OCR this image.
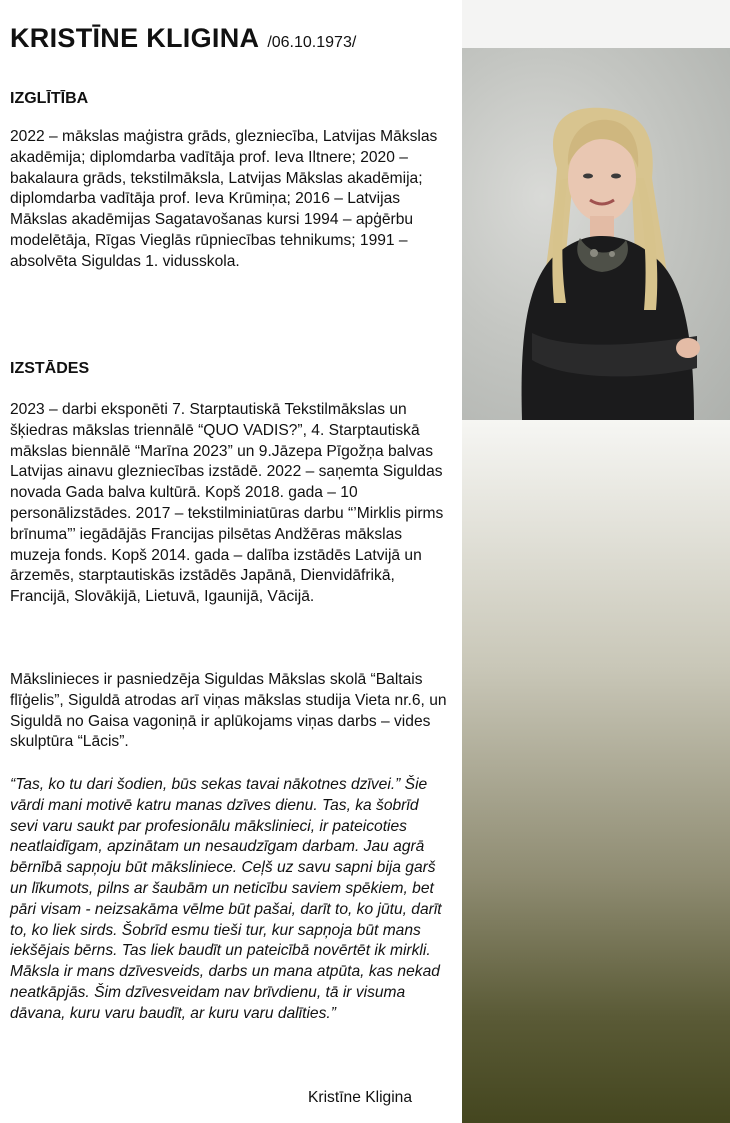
KRISTĪNE KLIGINA /06.10.1973/
IZGLĪTĪBA

2022 – mākslas maģistra grāds, glezniecība, Latvijas Mākslas akadēmija; diplomdarba vadītāja prof. Ieva Iltnere; 2020 – bakalaura grāds, tekstilmāksla, Latvijas Mākslas akadēmija; diplomdarba vadītāja prof. Ieva Krūmiņa; 2016 – Latvijas Mākslas akadēmijas Sagatavošanas kursi 1994 – apģērbu modelētāja, Rīgas Vieglās rūpniecības tehnikums; 1991 – absolvēta Siguldas 1. vidusskola.

IZSTĀDES

2023 – darbi eksponēti 7. Starptautiskā Tekstilmākslas un šķiedras mākslas triennālē “QUO VADIS?”, 4. Starptautiskā mākslas biennālē “Marīna 2023” un 9.Jāzepa Pīgožņa balvas Latvijas ainavu glezniecības izstādē. 2022 – saņemta Siguldas novada Gada balva kultūrā. Kopš 2018. gada – 10 personālizstādes. 2017 – tekstilminiatūras darbu “’Mirklis pirms brīnuma”’ iegādājās Francijas pilsētas Andžēras mākslas muzeja fonds. Kopš 2014. gada – dalība izstādēs Latvijā un ārzemēs, starptautiskās izstādēs Japānā, Dienvidāfrikā, Francijā, Slovākijā, Lietuvā, Igaunijā, Vācijā.

Mākslinieces ir pasniedzēja Siguldas Mākslas skolā “Baltais flīģelis”, Siguldā atrodas arī viņas mākslas studija Vieta nr.6, un Siguldā no Gaisa vagoniņā ir aplūkojams viņas darbs – vides skulptūra “Lācis”.

“Tas, ko tu dari šodien, būs sekas tavai nākotnes dzīvei.” Šie vārdi mani motivē katru manas dzīves dienu. Tas, ka šobrīd sevi varu saukt par profesionālu mākslinieci, ir pateicoties neatlaidīgam, apzinātam un nesaudzīgam darbam. Jau agrā bērnībā sapņoju būt māksliniece. Ceļš uz savu sapni bija garš un līkumots, pilns ar šaubām un neticību saviem spēkiem, bet pāri visam - neizsakāma vēlme būt pašai, darīt to, ko jūtu, darīt to, ko liek sirds. Šobrīd esmu tieši tur, kur sapņoja būt mans iekšējais bērns. Tas liek baudīt un pateicībā novērtēt ik mirkli. Māksla ir mans dzīvesveids, darbs un mana atpūta, kas nekad neatkāpjās. Šim dzīvesveidam nav brīvdienu, tā ir visuma dāvana, kuru varu baudīt, ar kuru varu dalīties.”

Kristīne Kligina
